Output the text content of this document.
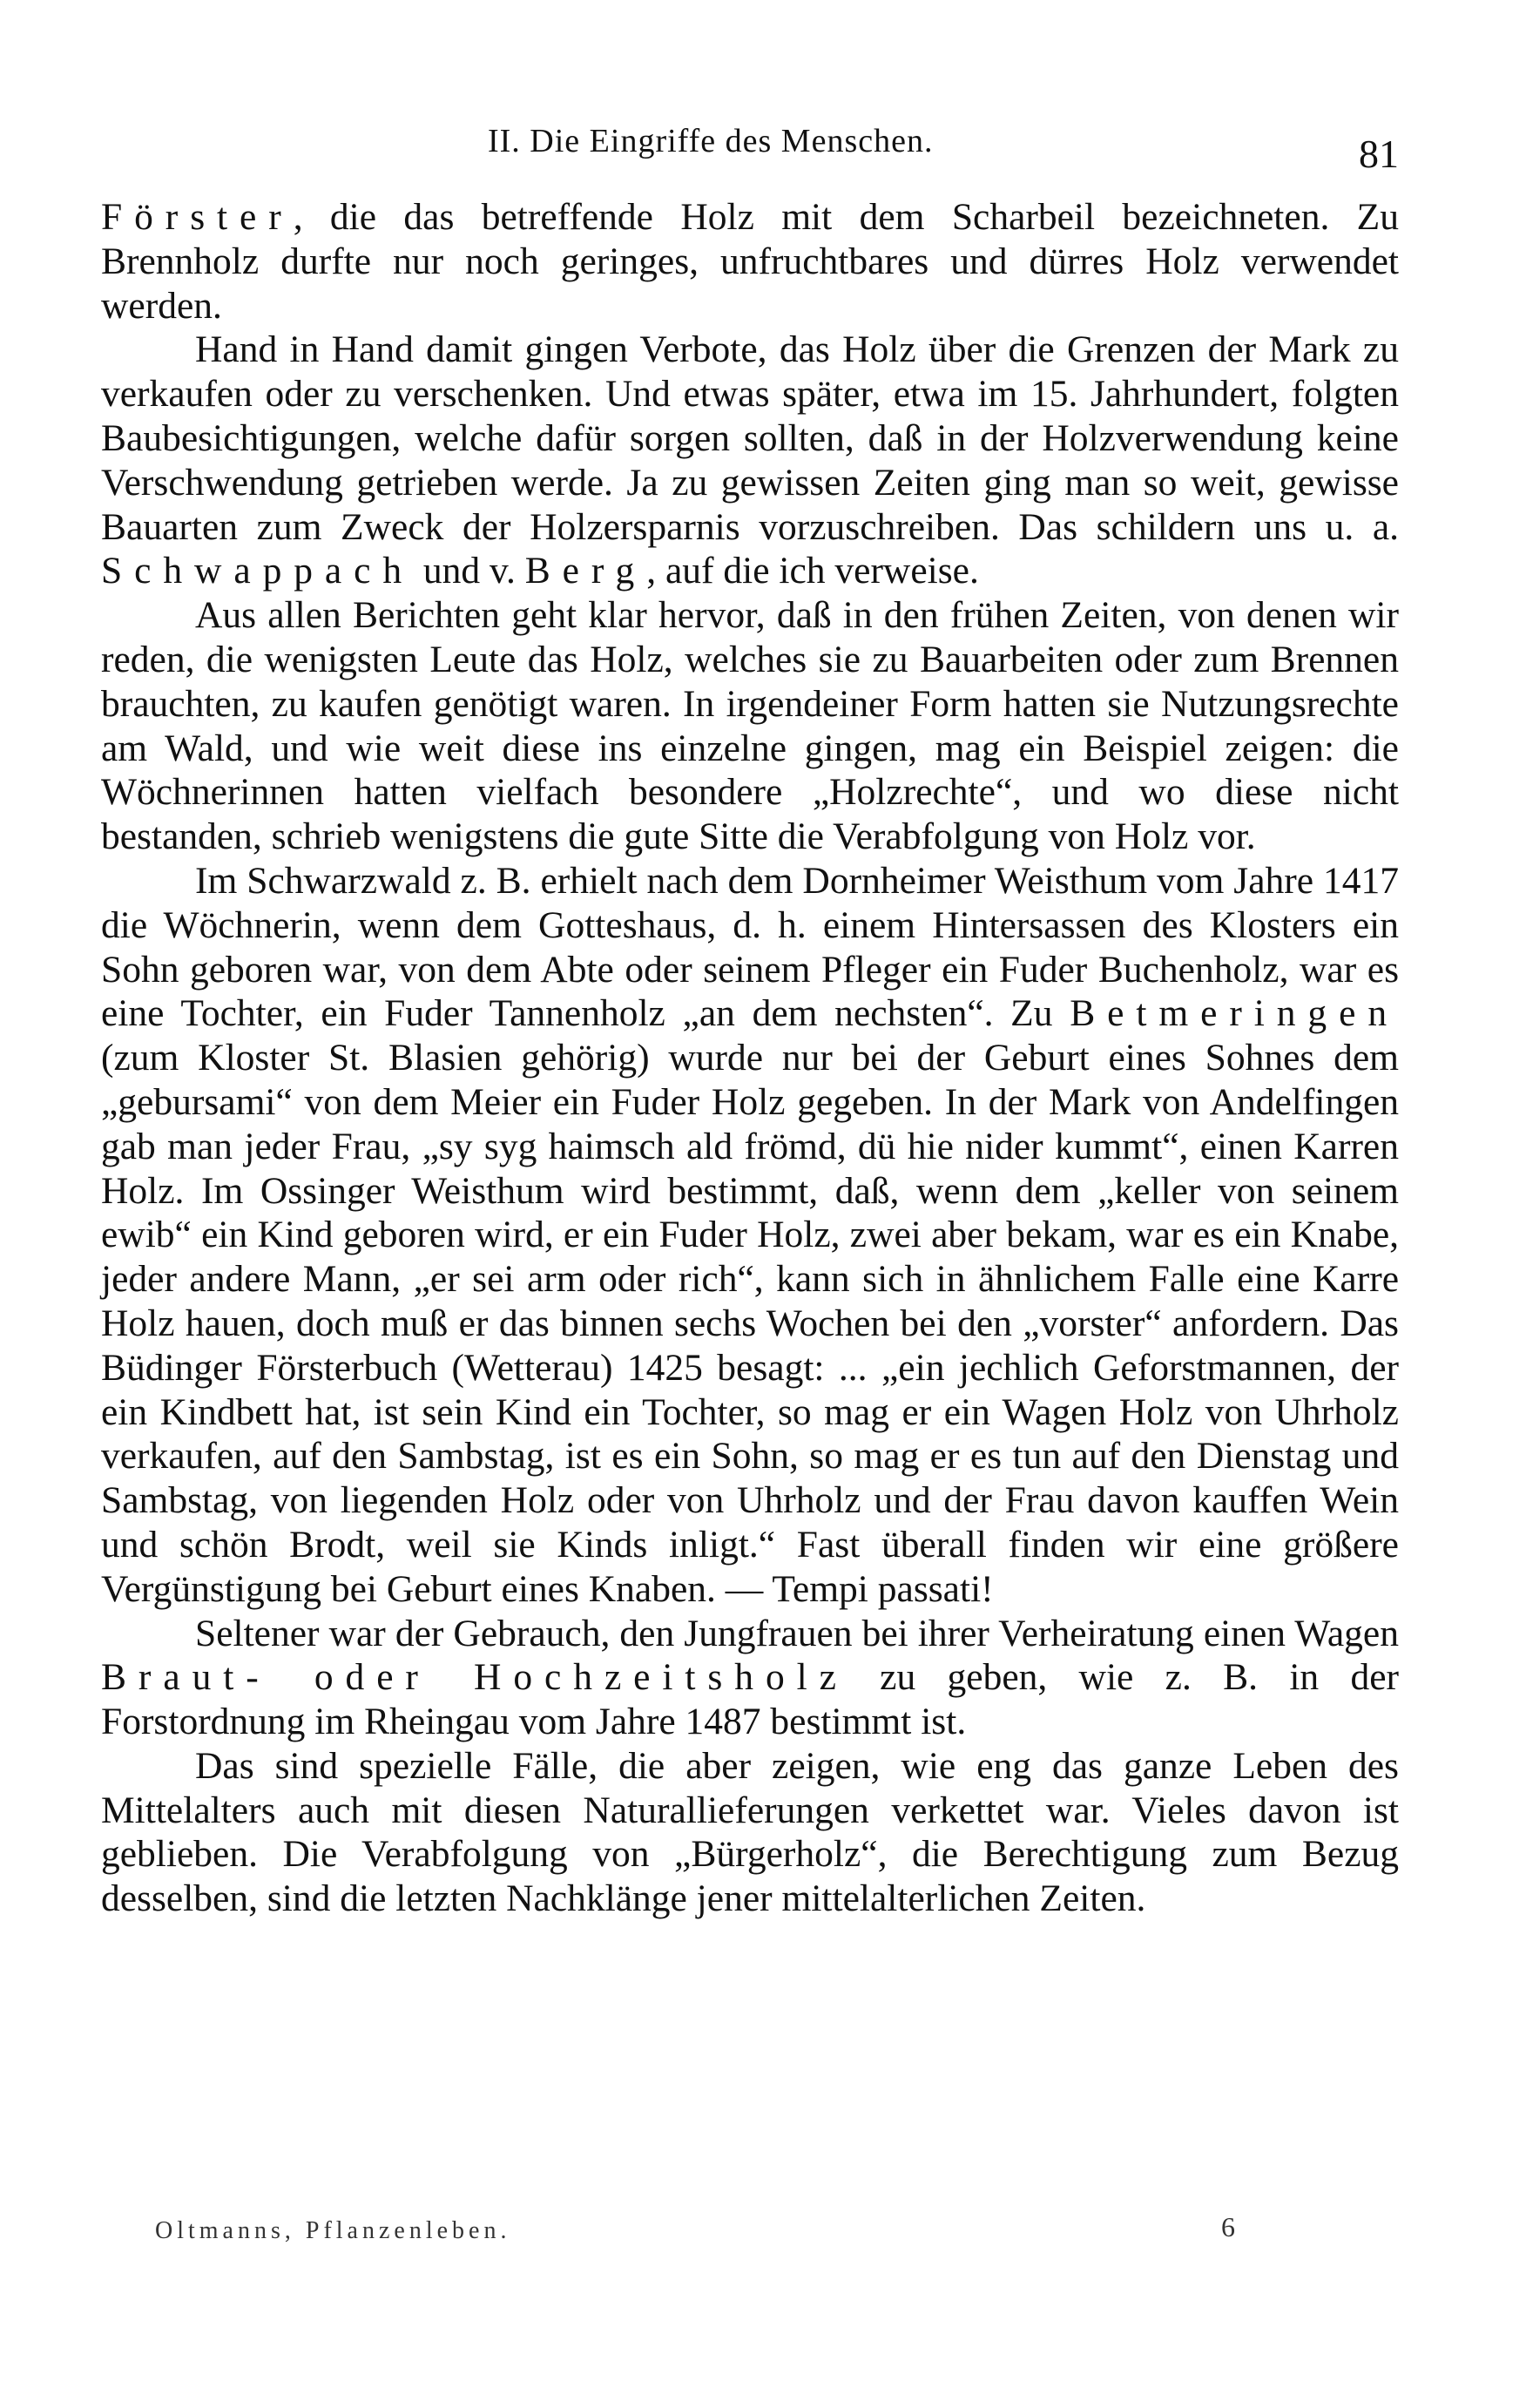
II. Die Eingriffe des Menschen.	81

Förster, die das betreffende Holz mit dem Scharbeil bezeichneten. Zu Brennholz durfte nur noch geringes, unfruchtbares und dürres Holz verwendet werden.

Hand in Hand damit gingen Verbote, das Holz über die Grenzen der Mark zu verkaufen oder zu verschenken. Und etwas später, etwa im 15. Jahrhundert, folgten Baubesichtigungen, welche dafür sorgen sollten, daß in der Holzverwendung keine Verschwendung getrieben werde. Ja zu gewissen Zeiten ging man so weit, gewisse Bauarten zum Zweck der Holzersparnis vorzuschreiben. Das schildern uns u. a. Schwappach und v. Berg, auf die ich verweise.

Aus allen Berichten geht klar hervor, daß in den frühen Zeiten, von denen wir reden, die wenigsten Leute das Holz, welches sie zu Bauarbeiten oder zum Brennen brauchten, zu kaufen genötigt waren. In irgendeiner Form hatten sie Nutzungsrechte am Wald, und wie weit diese ins einzelne gingen, mag ein Beispiel zeigen: die Wöchnerinnen hatten vielfach besondere „Holzrechte“, und wo diese nicht bestanden, schrieb wenigstens die gute Sitte die Verabfolgung von Holz vor.

Im Schwarzwald z. B. erhielt nach dem Dornheimer Weisthum vom Jahre 1417 die Wöchnerin, wenn dem Gotteshaus, d. h. einem Hintersassen des Klosters ein Sohn geboren war, von dem Abte oder seinem Pfleger ein Fuder Buchenholz, war es eine Tochter, ein Fuder Tannenholz „an dem nechsten“. Zu Betmeringen (zum Kloster St. Blasien gehörig) wurde nur bei der Geburt eines Sohnes dem „gebursami“ von dem Meier ein Fuder Holz gegeben. In der Mark von Andelfingen gab man jeder Frau, „sy syg haimsch ald frömd, dü hie nider kummt“, einen Karren Holz. Im Ossinger Weisthum wird bestimmt, daß, wenn dem „keller von seinem ewib“ ein Kind geboren wird, er ein Fuder Holz, zwei aber bekam, war es ein Knabe, jeder andere Mann, „er sei arm oder rich“, kann sich in ähnlichem Falle eine Karre Holz hauen, doch muß er das binnen sechs Wochen bei den „vorster“ anfordern. Das Büdinger Försterbuch (Wetterau) 1425 besagt: ... „ein jechlich Geforstmannen, der ein Kindbett hat, ist sein Kind ein Tochter, so mag er ein Wagen Holz von Uhrholz verkaufen, auf den Sambstag, ist es ein Sohn, so mag er es tun auf den Dienstag und Sambstag, von liegenden Holz oder von Uhrholz und der Frau davon kauffen Wein und schön Brodt, weil sie Kinds inligt.“ Fast überall finden wir eine größere Vergünstigung bei Geburt eines Knaben. — Tempi passati!

Seltener war der Gebrauch, den Jungfrauen bei ihrer Verheiratung einen Wagen Braut- oder Hochzeitsholz zu geben, wie z. B. in der Forstordnung im Rheingau vom Jahre 1487 bestimmt ist.

Das sind spezielle Fälle, die aber zeigen, wie eng das ganze Leben des Mittelalters auch mit diesen Naturallieferungen verkettet war. Vieles davon ist geblieben. Die Verabfolgung von „Bürgerholz“, die Berechtigung zum Bezug desselben, sind die letzten Nachklänge jener mittelalterlichen Zeiten.

Oltmanns, Pflanzenleben.	6
